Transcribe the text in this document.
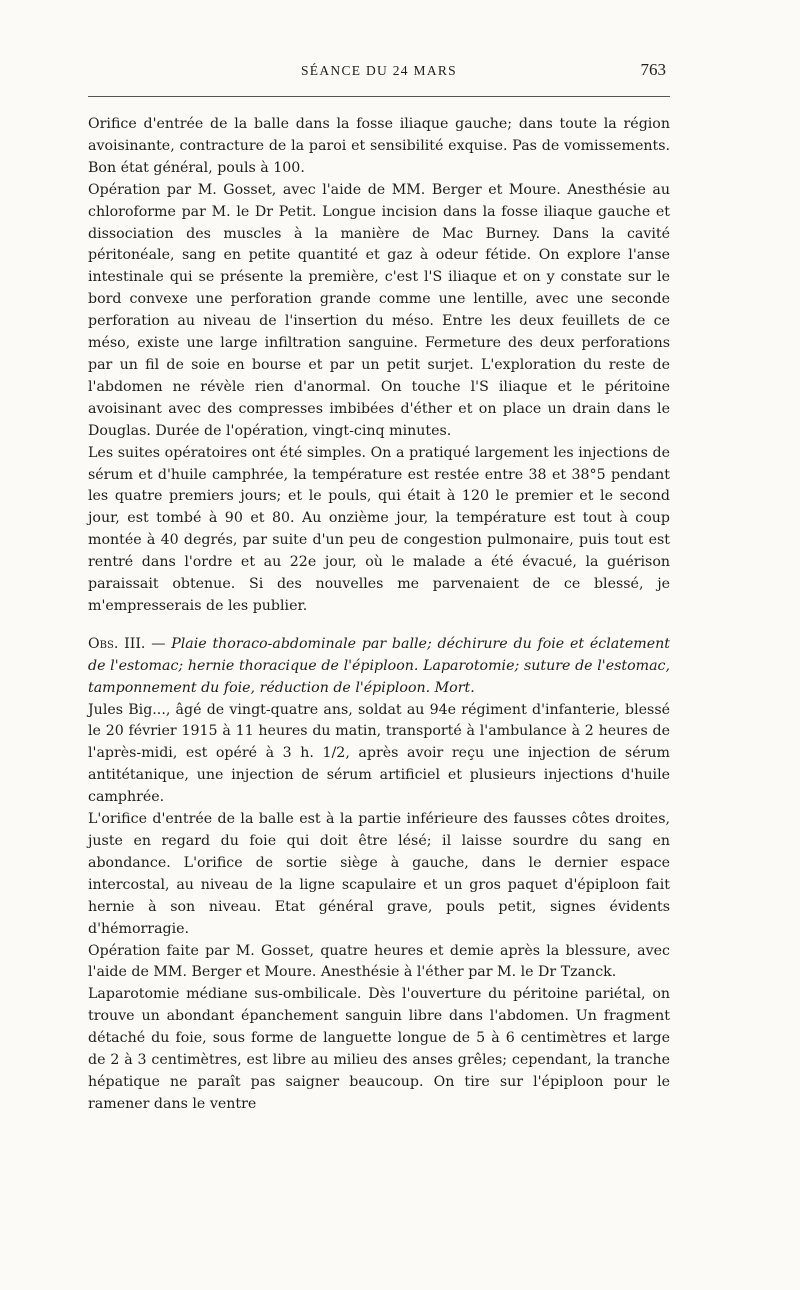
SÉANCE DU 24 MARS	763

Orifice d'entrée de la balle dans la fosse iliaque gauche; dans toute la région avoisinante, contracture de la paroi et sensibilité exquise. Pas de vomissements. Bon état général, pouls à 100.

Opération par M. Gosset, avec l'aide de MM. Berger et Moure. Anesthésie au chloroforme par M. le Dr Petit. Longue incision dans la fosse iliaque gauche et dissociation des muscles à la manière de Mac Burney. Dans la cavité péritonéale, sang en petite quantité et gaz à odeur fétide. On explore l'anse intestinale qui se présente la première, c'est l'S iliaque et on y constate sur le bord convexe une perforation grande comme une lentille, avec une seconde perforation au niveau de l'insertion du méso. Entre les deux feuillets de ce méso, existe une large infiltration sanguine. Fermeture des deux perforations par un fil de soie en bourse et par un petit surjet. L'exploration du reste de l'abdomen ne révèle rien d'anormal. On touche l'S iliaque et le péritoine avoisinant avec des compresses imbibées d'éther et on place un drain dans le Douglas. Durée de l'opération, vingt-cinq minutes.

Les suites opératoires ont été simples. On a pratiqué largement les injections de sérum et d'huile camphrée, la température est restée entre 38 et 38°5 pendant les quatre premiers jours; et le pouls, qui était à 120 le premier et le second jour, est tombé à 90 et 80. Au onzième jour, la température est tout à coup montée à 40 degrés, par suite d'un peu de congestion pulmonaire, puis tout est rentré dans l'ordre et au 22e jour, où le malade a été évacué, la guérison paraissait obtenue. Si des nouvelles me parvenaient de ce blessé, je m'empresserais de les publier.

Obs. III. — Plaie thoraco-abdominale par balle; déchirure du foie et éclatement de l'estomac; hernie thoracique de l'épiploon. Laparotomie; suture de l'estomac, tamponnement du foie, réduction de l'épiploon. Mort.

Jules Big..., âgé de vingt-quatre ans, soldat au 94e régiment d'infanterie, blessé le 20 février 1915 à 11 heures du matin, transporté à l'ambulance à 2 heures de l'après-midi, est opéré à 3 h. 1/2, après avoir reçu une injection de sérum antitétanique, une injection de sérum artificiel et plusieurs injections d'huile camphrée.

L'orifice d'entrée de la balle est à la partie inférieure des fausses côtes droites, juste en regard du foie qui doit être lésé; il laisse sourdre du sang en abondance. L'orifice de sortie siège à gauche, dans le dernier espace intercostal, au niveau de la ligne scapulaire et un gros paquet d'épiploon fait hernie à son niveau. Etat général grave, pouls petit, signes évidents d'hémorragie.

Opération faite par M. Gosset, quatre heures et demie après la blessure, avec l'aide de MM. Berger et Moure. Anesthésie à l'éther par M. le Dr Tzanck.

Laparotomie médiane sus-ombilicale. Dès l'ouverture du péritoine pariétal, on trouve un abondant épanchement sanguin libre dans l'abdomen. Un fragment détaché du foie, sous forme de languette longue de 5 à 6 centimètres et large de 2 à 3 centimètres, est libre au milieu des anses grêles; cependant, la tranche hépatique ne paraît pas saigner beaucoup. On tire sur l'épiploon pour le ramener dans le ventre
